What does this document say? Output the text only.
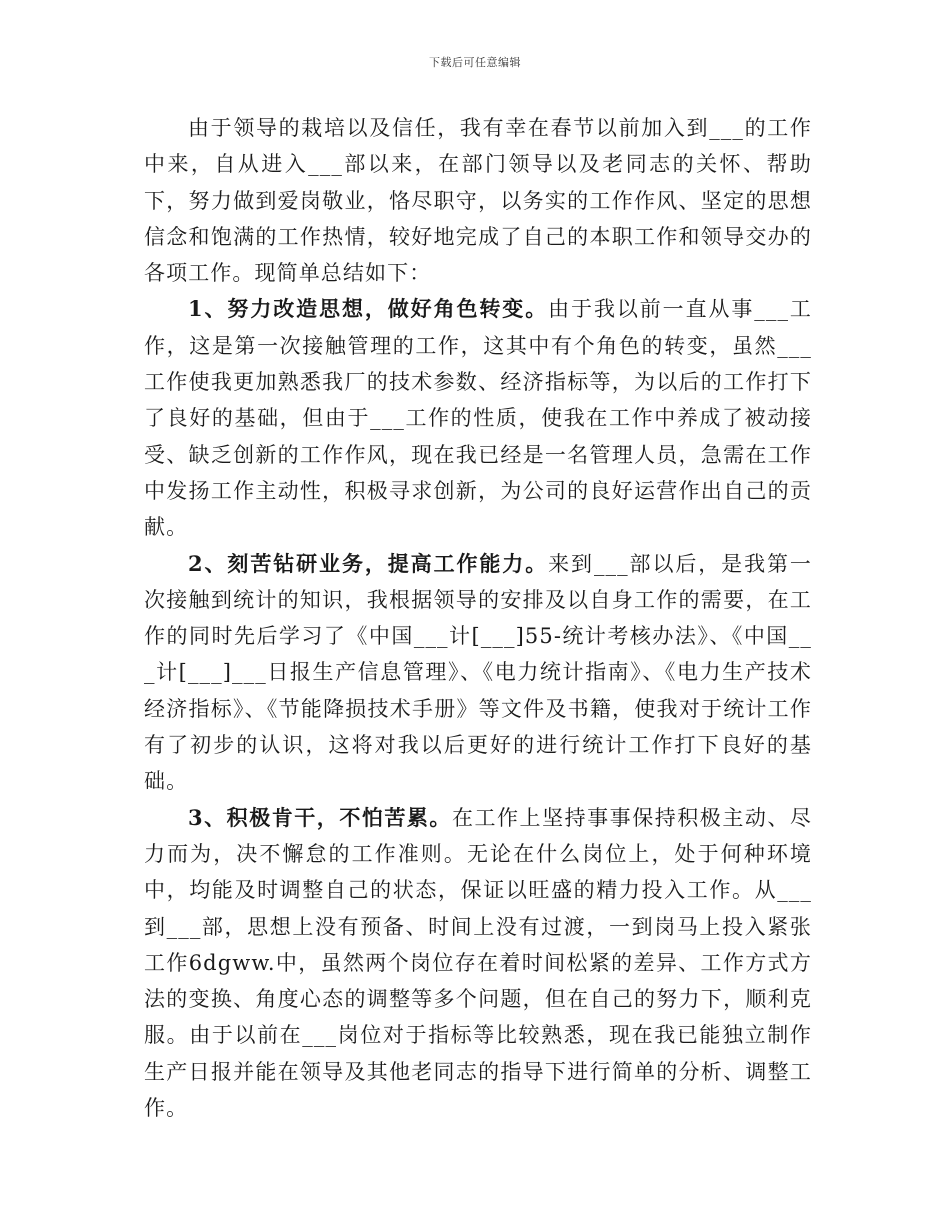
下载后可任意编辑

由于领导的栽培以及信任，我有幸在春节以前加入到___的工作中来，自从进入___部以来，在部门领导以及老同志的关怀、帮助下，努力做到爱岗敬业，恪尽职守，以务实的工作作风、坚定的思想信念和饱满的工作热情，较好地完成了自己的本职工作和领导交办的各项工作。现简单总结如下：

1、努力改造思想，做好角色转变。由于我以前一直从事___工作，这是第一次接触管理的工作，这其中有个角色的转变，虽然___工作使我更加熟悉我厂的技术参数、经济指标等，为以后的工作打下了良好的基础，但由于___工作的性质，使我在工作中养成了被动接受、缺乏创新的工作作风，现在我已经是一名管理人员，急需在工作中发扬工作主动性，积极寻求创新，为公司的良好运营作出自己的贡献。

2、刻苦钻研业务，提高工作能力。来到___部以后，是我第一次接触到统计的知识，我根据领导的安排及以自身工作的需要，在工作的同时先后学习了《中国___计[___]55-统计考核办法》、《中国___计[___]___日报生产信息管理》、《电力统计指南》、《电力生产技术经济指标》、《节能降损技术手册》等文件及书籍，使我对于统计工作有了初步的认识，这将对我以后更好的进行统计工作打下良好的基础。

3、积极肯干，不怕苦累。在工作上坚持事事保持积极主动、尽力而为，决不懈怠的工作准则。无论在什么岗位上，处于何种环境中，均能及时调整自己的状态，保证以旺盛的精力投入工作。从___到___部，思想上没有预备、时间上没有过渡，一到岗马上投入紧张工作6dgww.中，虽然两个岗位存在着时间松紧的差异、工作方式方法的变换、角度心态的调整等多个问题，但在自己的努力下，顺利克服。由于以前在___岗位对于指标等比较熟悉，现在我已能独立制作生产日报并能在领导及其他老同志的指导下进行简单的分析、调整工作。
